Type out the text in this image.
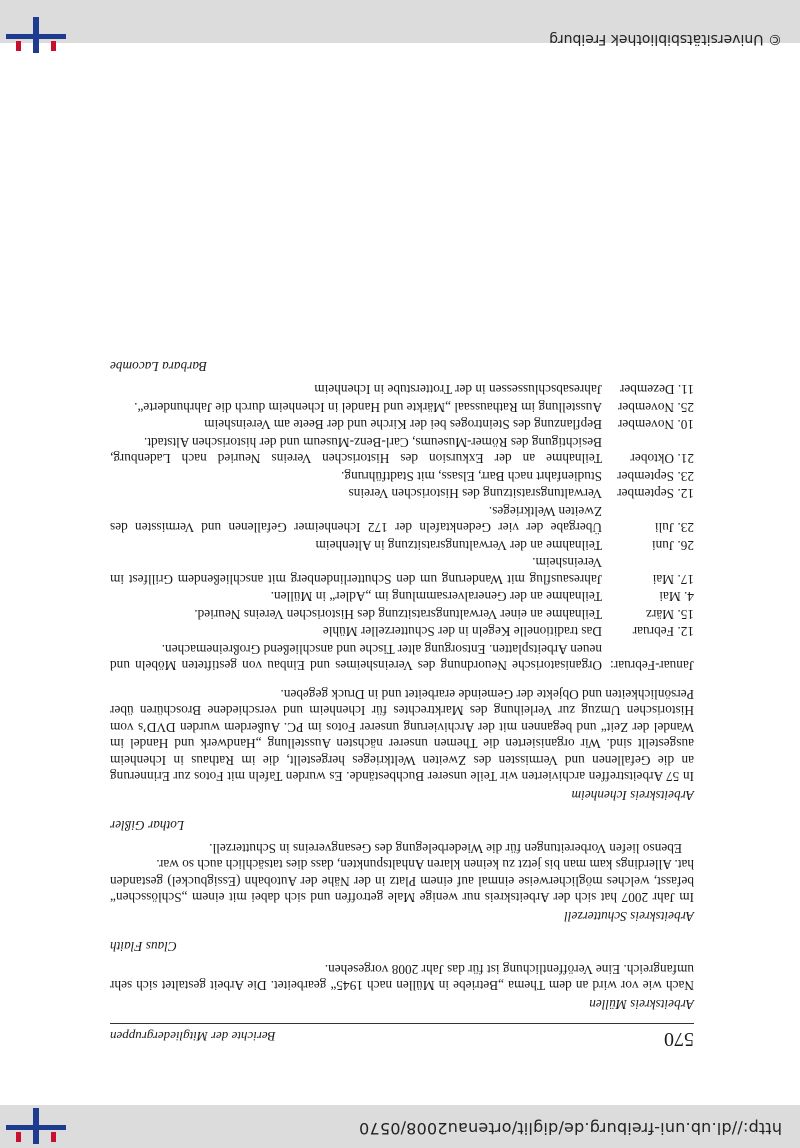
http://dl.ub.uni-freiburg.de/diglit/ortenau2008/0570
© Universitätsbibliothek Freiburg
570
Berichte der Mitgliedergruppen
Arbeitskreis Müllen

Nach wie vor wird an dem Thema „Betriebe in Müllen nach 1945“ gearbeitet. Die Arbeit gestaltet sich sehr umfangreich. Eine Veröffentlichung ist für das Jahr 2008 vorgesehen.

Claus Flaith
Arbeitskreis Schutterzell

Im Jahr 2007 hat sich der Arbeitskreis nur wenige Male getroffen und sich dabei mit einem „Schlösschen“ befasst, welches möglicherweise einmal auf einem Platz in der Nähe der Autobahn (Essigbuckel) gestanden hat. Allerdings kam man bis jetzt zu keinen klaren Anhaltspunkten, dass dies tatsächlich auch so war.

Ebenso liefen Vorbereitungen für die Wiederbelegung des Gesangvereins in Schutterzell.

Lothar Gißler
Arbeitskreis Ichenheim

In 57 Arbeitstreffen archivierten wir Teile unserer Buchbestände. Es wurden Tafeln mit Fotos zur Erinnerung an die Gefallenen und Vermissten des Zweiten Weltkrieges hergestellt, die im Rathaus in Ichenheim ausgestellt sind. Wir organisierten die Themen unserer nächsten Ausstellung „Handwerk und Handel im Wandel der Zeit“ und begannen mit der Archivierung unserer Fotos im PC. Außerdem wurden DVD’s vom Historischen Umzug zur Verleihung des Marktrechtes für Ichenheim und verschiedene Broschüren über Persönlichkeiten und Objekte der Gemeinde erarbeitet und in Druck gegeben.

Januar-Februar:	Organisatorische Neuordnung des Vereinsheimes und Einbau von gestifteten Möbeln und neuen Arbeitsplatten. Entsorgung alter Tische und anschließend Großreinemachen.
12. Februar	Das traditionelle Kegeln in der Schutterzeller Mühle
15. März	Teilnahme an einer Verwaltungsratsitzung des Historischen Vereins Neuried.
4. Mai	Teilnahme an der Generalversammlung im „Adler“ in Müllen.
17. Mai	Jahresausflug mit Wanderung um den Schutterlindenberg mit anschließendem Grillfest im Vereinsheim.
26. Juni	Teilnahme an der Verwaltungsratsitzung in Altenheim
23. Juli	Übergabe der vier Gedenktafeln der 172 Ichenheimer Gefallenen und Vermissten des Zweiten Weltkrieges.
12. September	Verwaltungsratsitzung des Historischen Vereins
23. September	Studienfahrt nach Barr, Elsass, mit Stadtführung.
21. Oktober	Teilnahme an der Exkursion des Historischen Vereins Neuried nach Ladenburg, Besichtigung des Römer-Museums, Carl-Benz-Museum und der historischen Altstadt.
10. November	Bepflanzung des Steintroges bei der Kirche und der Beete am Vereinsheim
25. November	Ausstellung im Rathaussaal „Märkte und Handel in Ichenheim durch die Jahrhunderte“.
11. Dezember	Jahresabschlussessen in der Trotterstube in Ichenheim
Barbara Lacombe
